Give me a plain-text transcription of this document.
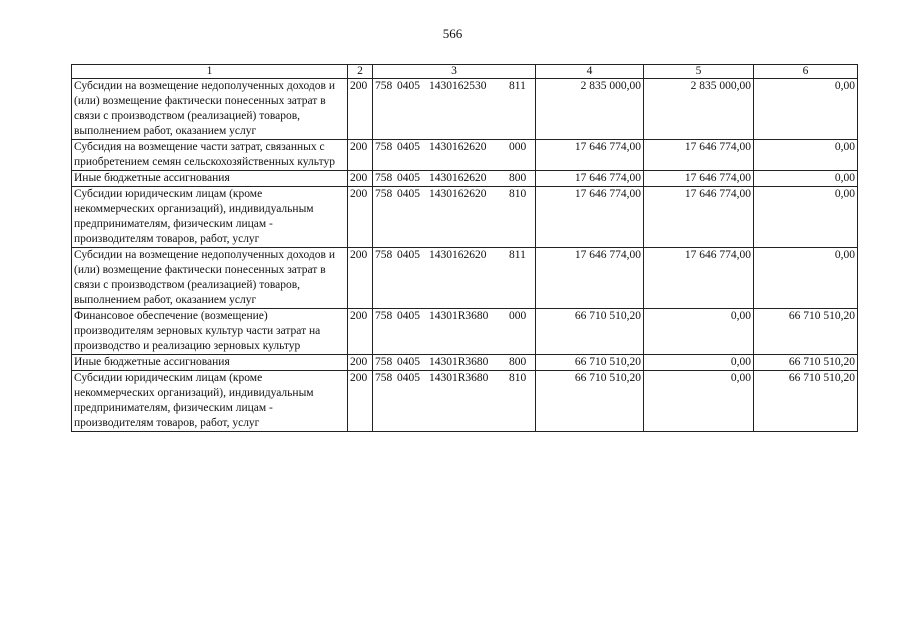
566
1	2	3	4	5	6
Субсидии на возмещение недополученных доходов и (или) возмещение фактически понесенных затрат в связи с производством (реализацией) товаров, выполнением работ, оказанием услуг	200	758 0405 1430162530 811	2 835 000,00	2 835 000,00	0,00
Субсидия на возмещение части затрат, связанных с приобретением семян сельскохозяйственных культур	200	758 0405 1430162620 000	17 646 774,00	17 646 774,00	0,00
Иные бюджетные ассигнования	200	758 0405 1430162620 800	17 646 774,00	17 646 774,00	0,00
Субсидии юридическим лицам (кроме некоммерческих организаций), индивидуальным предпринимателям, физическим лицам - производителям товаров, работ, услуг	200	758 0405 1430162620 810	17 646 774,00	17 646 774,00	0,00
Субсидии на возмещение недополученных доходов и (или) возмещение фактически понесенных затрат в связи с производством (реализацией) товаров, выполнением работ, оказанием услуг	200	758 0405 1430162620 811	17 646 774,00	17 646 774,00	0,00
Финансовое обеспечение (возмещение) производителям зерновых культур части затрат на производство и реализацию зерновых культур	200	758 0405 14301R3680 000	66 710 510,20	0,00	66 710 510,20
Иные бюджетные ассигнования	200	758 0405 14301R3680 800	66 710 510,20	0,00	66 710 510,20
Субсидии юридическим лицам (кроме некоммерческих организаций), индивидуальным предпринимателям, физическим лицам - производителям товаров, работ, услуг	200	758 0405 14301R3680 810	66 710 510,20	0,00	66 710 510,20
